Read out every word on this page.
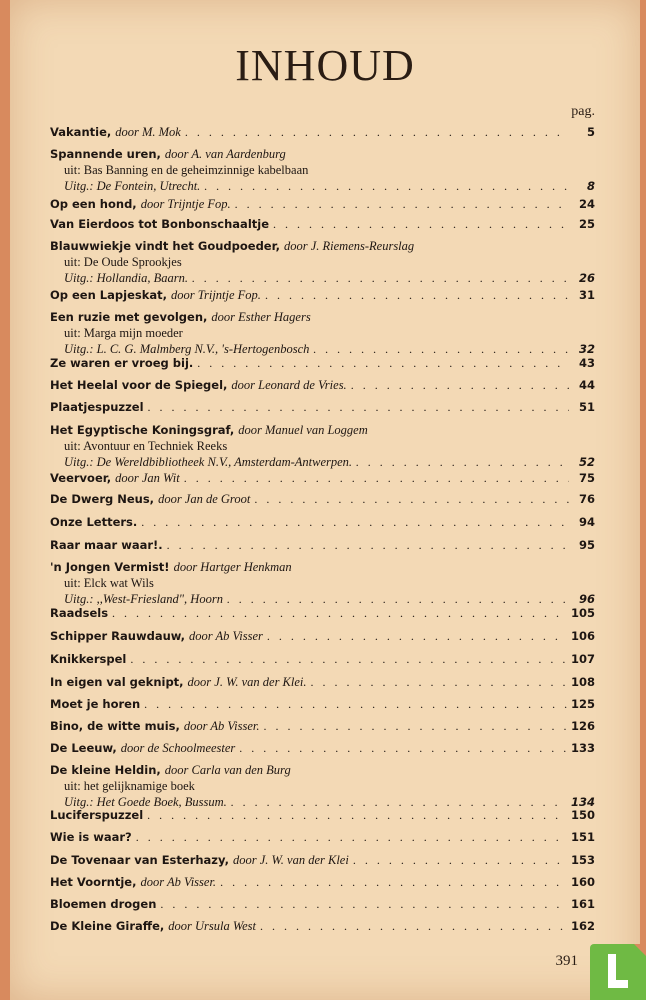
INHOUD
pag.
Vakantie, door M. Mok . . .	5
Spannende uren, door A. van Aardenburg
uit: Bas Banning en de geheimzinnige kabelbaan
Uitg.: De Fontein, Utrecht. . . .	8
Op een hond, door Trijntje Fop. . . .	24
Van Eierdoos tot Bonbonschaaltje . . .	25
Blauwwiekje vindt het Goudpoeder, door J. Riemens-Reurslag
uit: De Oude Sprookjes
Uitg.: Hollandia, Baarn. . . .	26
Op een Lapjeskat, door Trijntje Fop. . . .	31
Een ruzie met gevolgen, door Esther Hagers
uit: Marga mijn moeder
Uitg.: L. C. G. Malmberg N.V., 's-Hertogenbosch . . .	32
Ze waren er vroeg bij. . . .	43
Het Heelal voor de Spiegel, door Leonard de Vries. . . .	44
Plaatjespuzzel . . .	51
Het Egyptische Koningsgraf, door Manuel van Loggem
uit: Avontuur en Techniek Reeks
Uitg.: De Wereldbibliotheek N.V., Amsterdam-Antwerpen. . . .	52
Veervoer, door Jan Wit . . .	75
De Dwerg Neus, door Jan de Groot . . .	76
Onze Letters. . . .	94
Raar maar waar!. . . .	95
'n Jongen Vermist! door Hartger Henkman
uit: Elck wat Wils
Uitg.: ,,West-Friesland", Hoorn . . .	96
Raadsels . . .	105
Schipper Rauwdauw, door Ab Visser . . .	106
Knikkerspel . . .	107
In eigen val geknipt, door J. W. van der Klei. . . .	108
Moet je horen . . .	125
Bino, de witte muis, door Ab Visser. . . .	126
De Leeuw, door de Schoolmeester . . .	133
De kleine Heldin, door Carla van den Burg
uit: het gelijknamige boek
Uitg.: Het Goede Boek, Bussum. . . .	134
Luciferspuzzel . . .	150
Wie is waar? . . .	151
De Tovenaar van Esterhazy, door J. W. van der Klei . . .	153
Het Voorntje, door Ab Visser. . . .	160
Bloemen drogen . . .	161
De Kleine Giraffe, door Ursula West . . .	162
391
